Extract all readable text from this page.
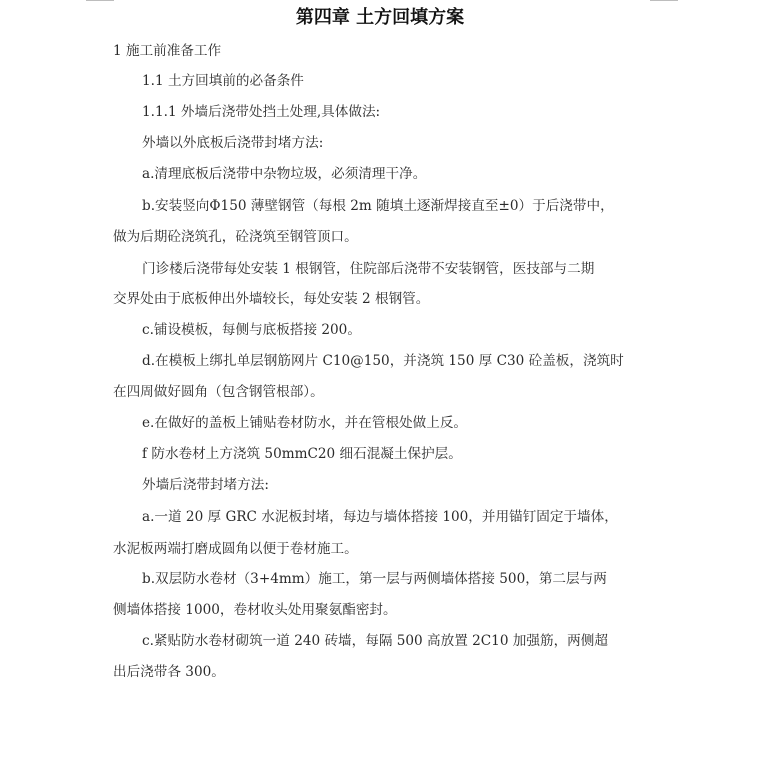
第四章 土方回填方案
1 施工前准备工作
1.1 土方回填前的必备条件
1.1.1 外墙后浇带处挡土处理,具体做法:
外墙以外底板后浇带封堵方法:
a.清理底板后浇带中杂物垃圾，必须清理干净。
b.安装竖向Φ150 薄壁钢管（每根 2m 随填土逐渐焊接直至±0）于后浇带中，
做为后期砼浇筑孔，砼浇筑至钢管顶口。
门诊楼后浇带每处安装 1 根钢管，住院部后浇带不安装钢管，医技部与二期
交界处由于底板伸出外墙较长，每处安装 2 根钢管。
c.铺设模板，每侧与底板搭接 200。
d.在模板上绑扎单层钢筋网片 C10@150，并浇筑 150 厚 C30 砼盖板，浇筑时
在四周做好圆角（包含钢管根部）。
e.在做好的盖板上铺贴卷材防水，并在管根处做上反。
f 防水卷材上方浇筑 50mmC20 细石混凝土保护层。
外墙后浇带封堵方法:
a.一道 20 厚 GRC 水泥板封堵，每边与墙体搭接 100，并用锚钉固定于墙体，
水泥板两端打磨成圆角以便于卷材施工。
b.双层防水卷材（3+4mm）施工，第一层与两侧墙体搭接 500，第二层与两
侧墙体搭接 1000，卷材收头处用聚氨酯密封。
c.紧贴防水卷材砌筑一道 240 砖墙，每隔 500 高放置 2C10 加强筋，两侧超
出后浇带各 300。
